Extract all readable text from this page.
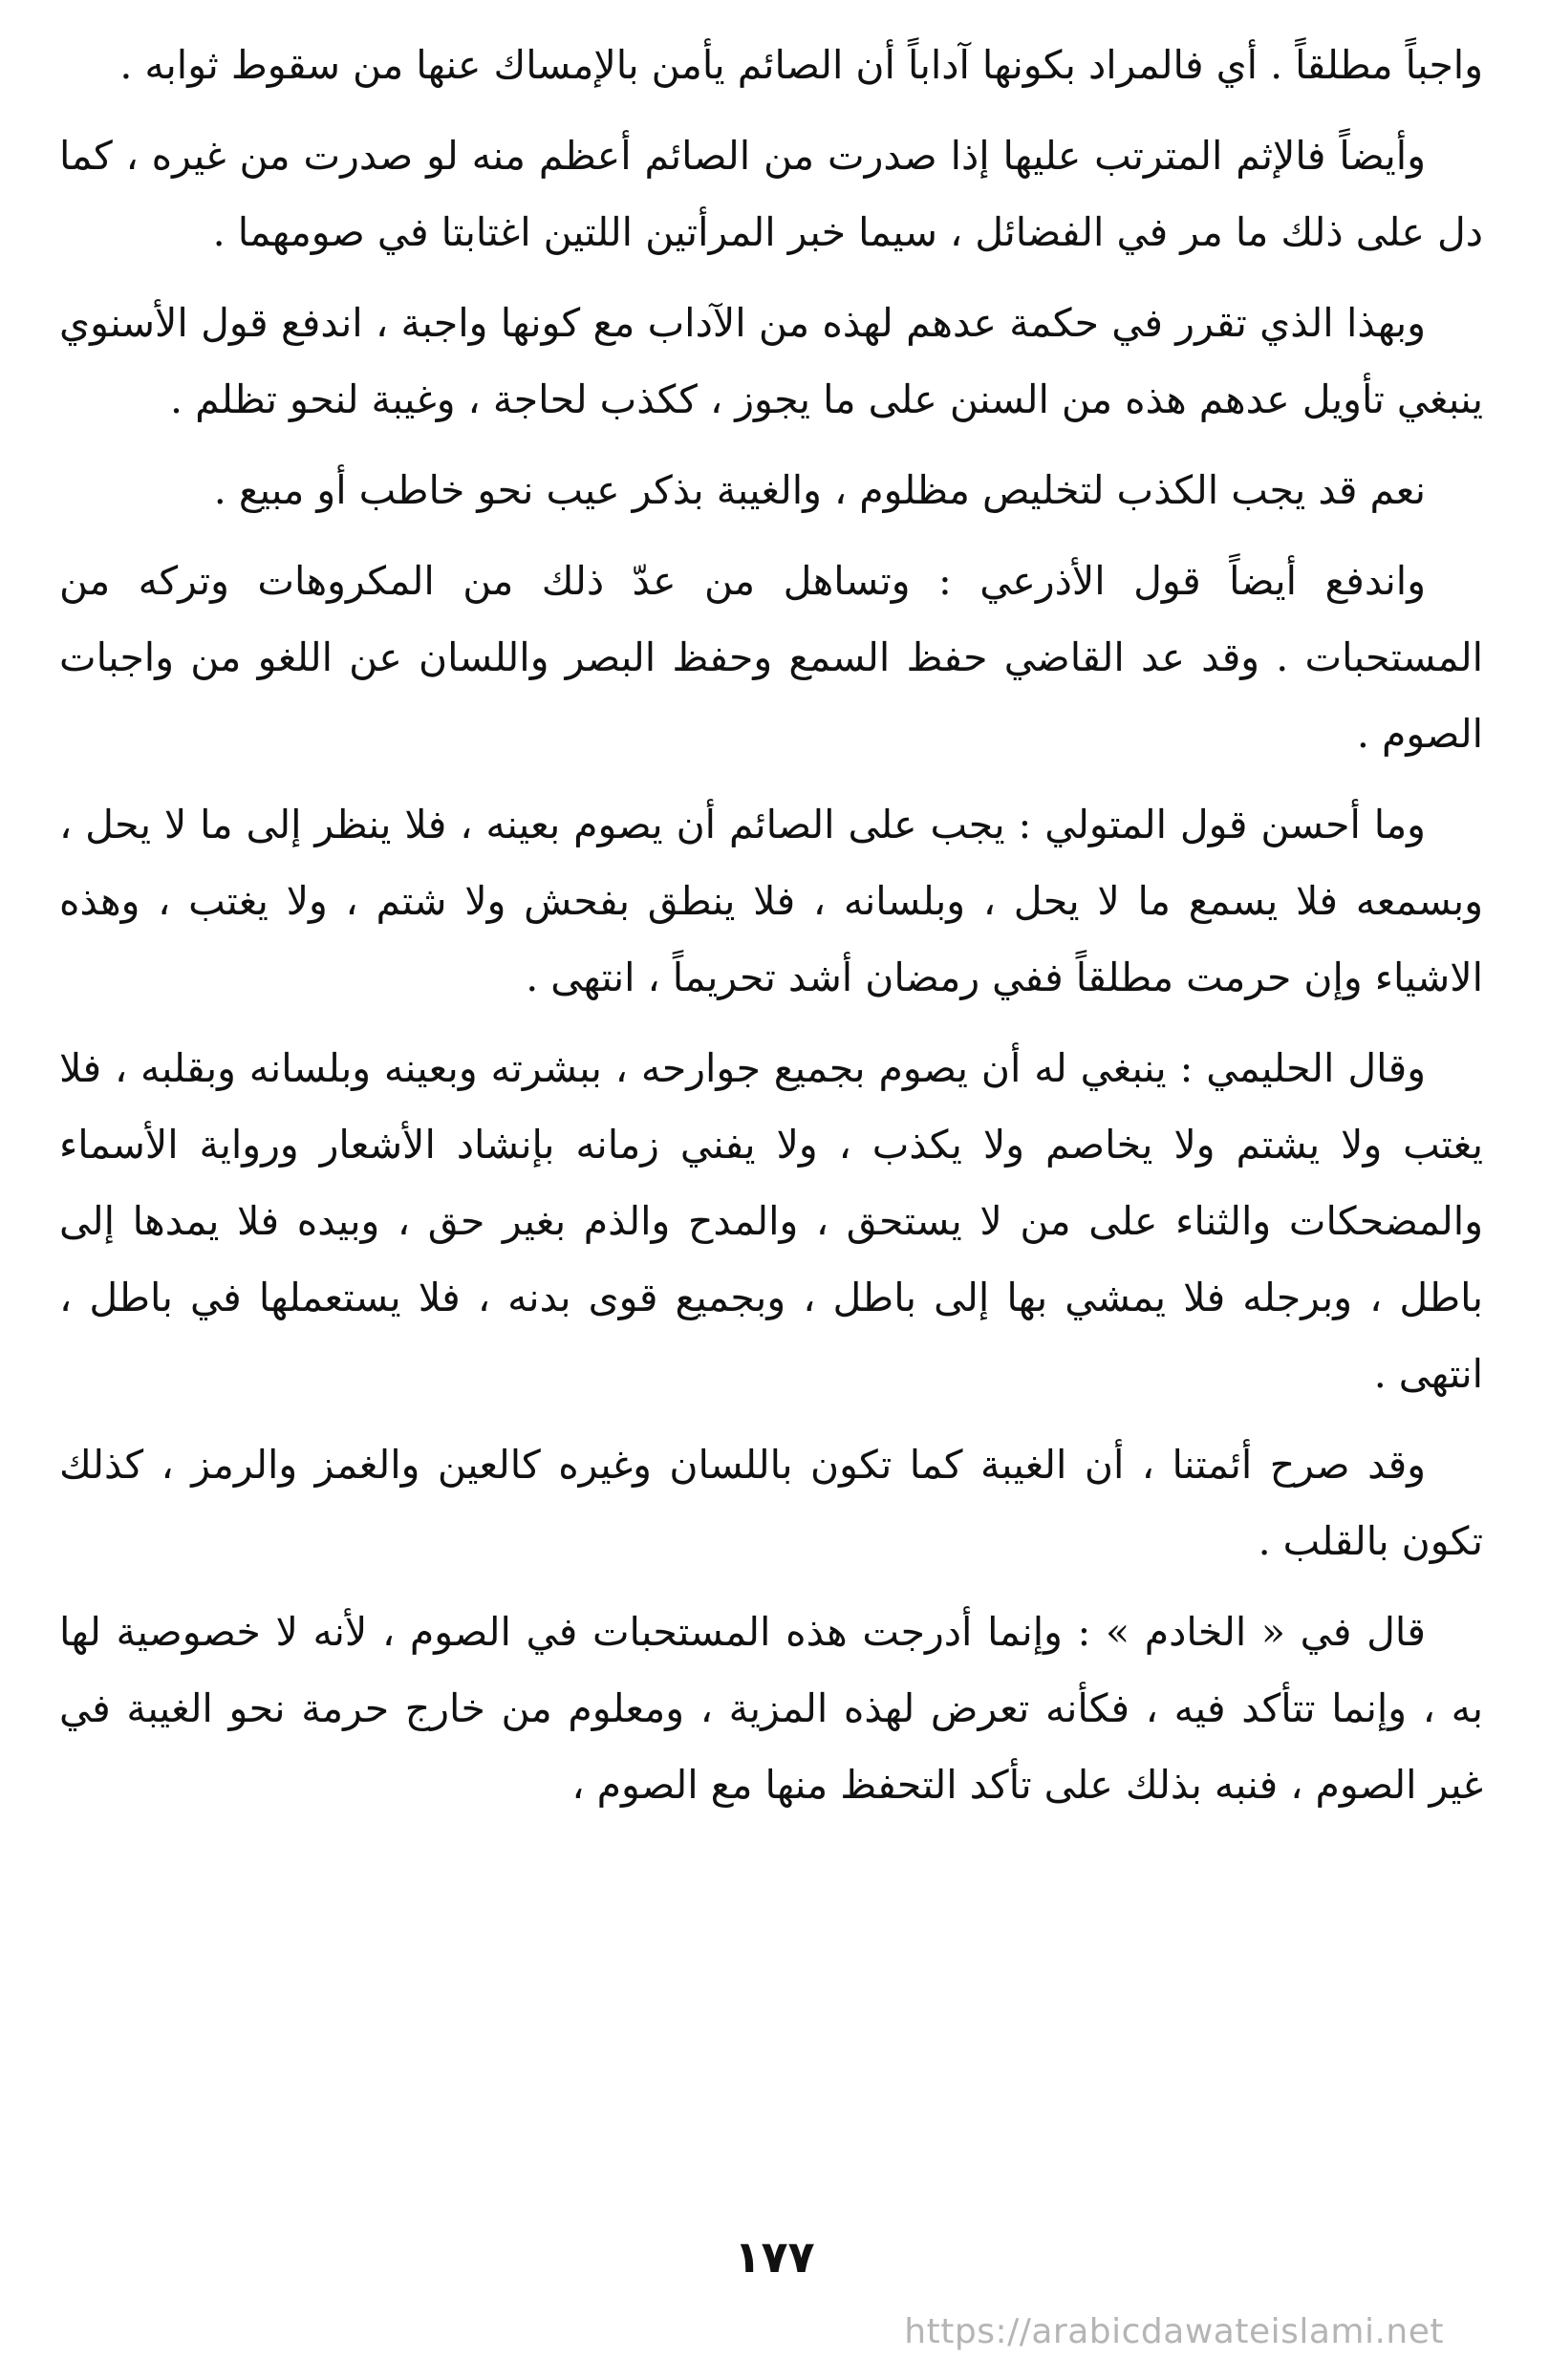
واجباً مطلقاً . أي فالمراد بكونها آداباً أن الصائم يأمن بالإمساك عنها من سقوط ثوابه .

وأيضاً فالإثم المترتب عليها إذا صدرت من الصائم أعظم منه لو صدرت من غيره ، كما دل على ذلك ما مر في الفضائل ، سيما خبر المرأتين اللتين اغتابتا في صومهما .

وبهذا الذي تقرر في حكمة عدهم لهذه من الآداب مع كونها واجبة ، اندفع قول الأسنوي ينبغي تأويل عدهم هذه من السنن على ما يجوز ، ككذب لحاجة ، وغيبة لنحو تظلم .

نعم قد يجب الكذب لتخليص مظلوم ، والغيبة بذكر عيب نحو خاطب أو مبيع .

واندفع أيضاً قول الأذرعي : وتساهل من عدّ ذلك من المكروهات وتركه من المستحبات . وقد عد القاضي حفظ السمع وحفظ البصر واللسان عن اللغو من واجبات الصوم .

وما أحسن قول المتولي : يجب على الصائم أن يصوم بعينه ، فلا ينظر إلى ما لا يحل ، وبسمعه فلا يسمع ما لا يحل ، وبلسانه ، فلا ينطق بفحش ولا شتم ، ولا يغتب ، وهذه الاشياء وإن حرمت مطلقاً ففي رمضان أشد تحريماً ، انتهى .

وقال الحليمي : ينبغي له أن يصوم بجميع جوارحه ، ببشرته وبعينه وبلسانه وبقلبه ، فلا يغتب ولا يشتم ولا يخاصم ولا يكذب ، ولا يفني زمانه بإنشاد الأشعار ورواية الأسماء والمضحكات والثناء على من لا يستحق ، والمدح والذم بغير حق ، وبيده فلا يمدها إلى باطل ، وبرجله فلا يمشي بها إلى باطل ، وبجميع قوى بدنه ، فلا يستعملها في باطل ، انتهى .

وقد صرح أئمتنا ، أن الغيبة كما تكون باللسان وغيره كالعين والغمز والرمز ، كذلك تكون بالقلب .

قال في « الخادم » : وإنما أدرجت هذه المستحبات في الصوم ، لأنه لا خصوصية لها به ، وإنما تتأكد فيه ، فكأنه تعرض لهذه المزية ، ومعلوم من خارج حرمة نحو الغيبة في غير الصوم ، فنبه بذلك على تأكد التحفظ منها مع الصوم ،

١٧٧
https://arabicdawateislami.net
